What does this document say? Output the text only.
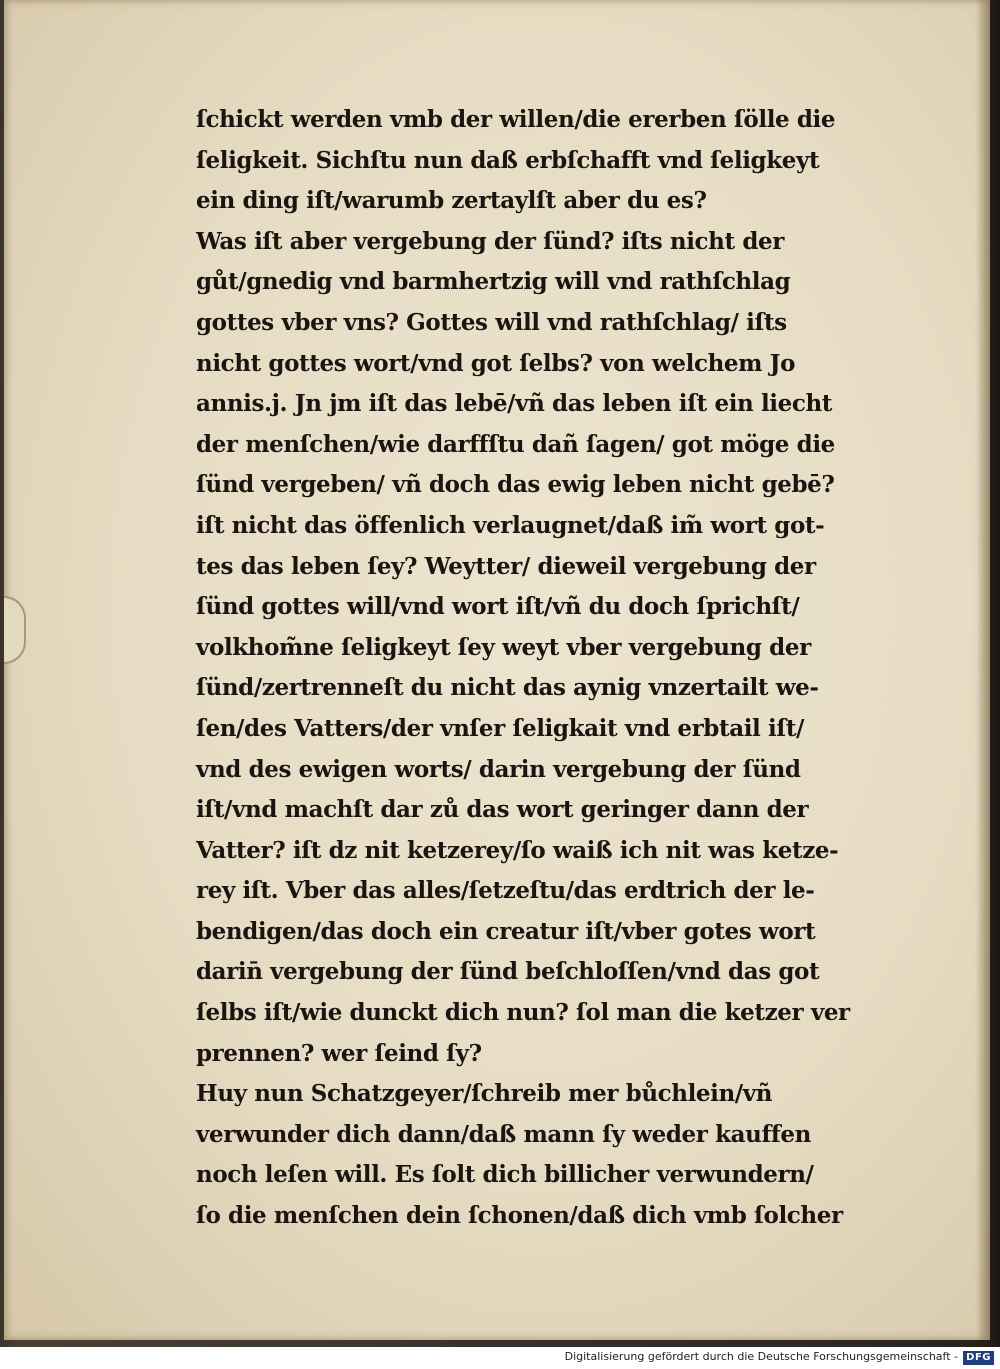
ſchickt werden vmb der willen/die ererben ſölle die
ſeligkeit. Sichſtu nun daß erbſchafft vnd ſeligkeyt
ein ding iſt/warumb zertaylſt aber du es?
Was iſt aber vergebung der ſünd? iſts nicht der
gůt/gnedig vnd barmhertzig will vnd rathſchlag
gottes vber vns? Gottes will vnd rathſchlag/ iſts
nicht gottes wort/vnd got ſelbs? von welchem Jo
annis.j. Jn jm iſt das lebē/vñ das leben iſt ein liecht
der menſchen/wie darffſtu dañ ſagen/ got möge die
ſünd vergeben/ vñ doch das ewig leben nicht gebē?
iſt nicht das öffenlich verlaugnet/daß im̃ wort got-
tes das leben ſey? Weytter/ dieweil vergebung der
ſünd gottes will/vnd wort iſt/vñ du doch ſprichſt/
volkhom̃ne ſeligkeyt ſey weyt vber vergebung der
ſünd/zertrenneſt du nicht das aynig vnzertailt we-
ſen/des Vatters/der vnſer ſeligkait vnd erbtail iſt/
vnd des ewigen worts/ darin vergebung der ſünd
iſt/vnd machſt dar zů das wort geringer dann der
Vatter? iſt dz nit ketzerey/ſo waiß ich nit was ketze-
rey iſt. Vber das alles/ſetzeſtu/das erdtrich der le-
bendigen/das doch ein creatur iſt/vber gotes wort
darin̄ vergebung der ſünd beſchloſſen/vnd das got
ſelbs iſt/wie dunckt dich nun? ſol man die ketzer ver
prennen? wer ſeind ſy?
Huy nun Schatzgeyer/ſchreib mer bůchlein/vñ
verwunder dich dann/daß mann ſy weder kauffen
noch leſen will. Es ſolt dich billicher verwundern/
ſo die menſchen dein ſchonen/daß dich vmb ſolcher
Digitalisierung gefördert durch die Deutsche Forschungsgemeinschaft - DFG
